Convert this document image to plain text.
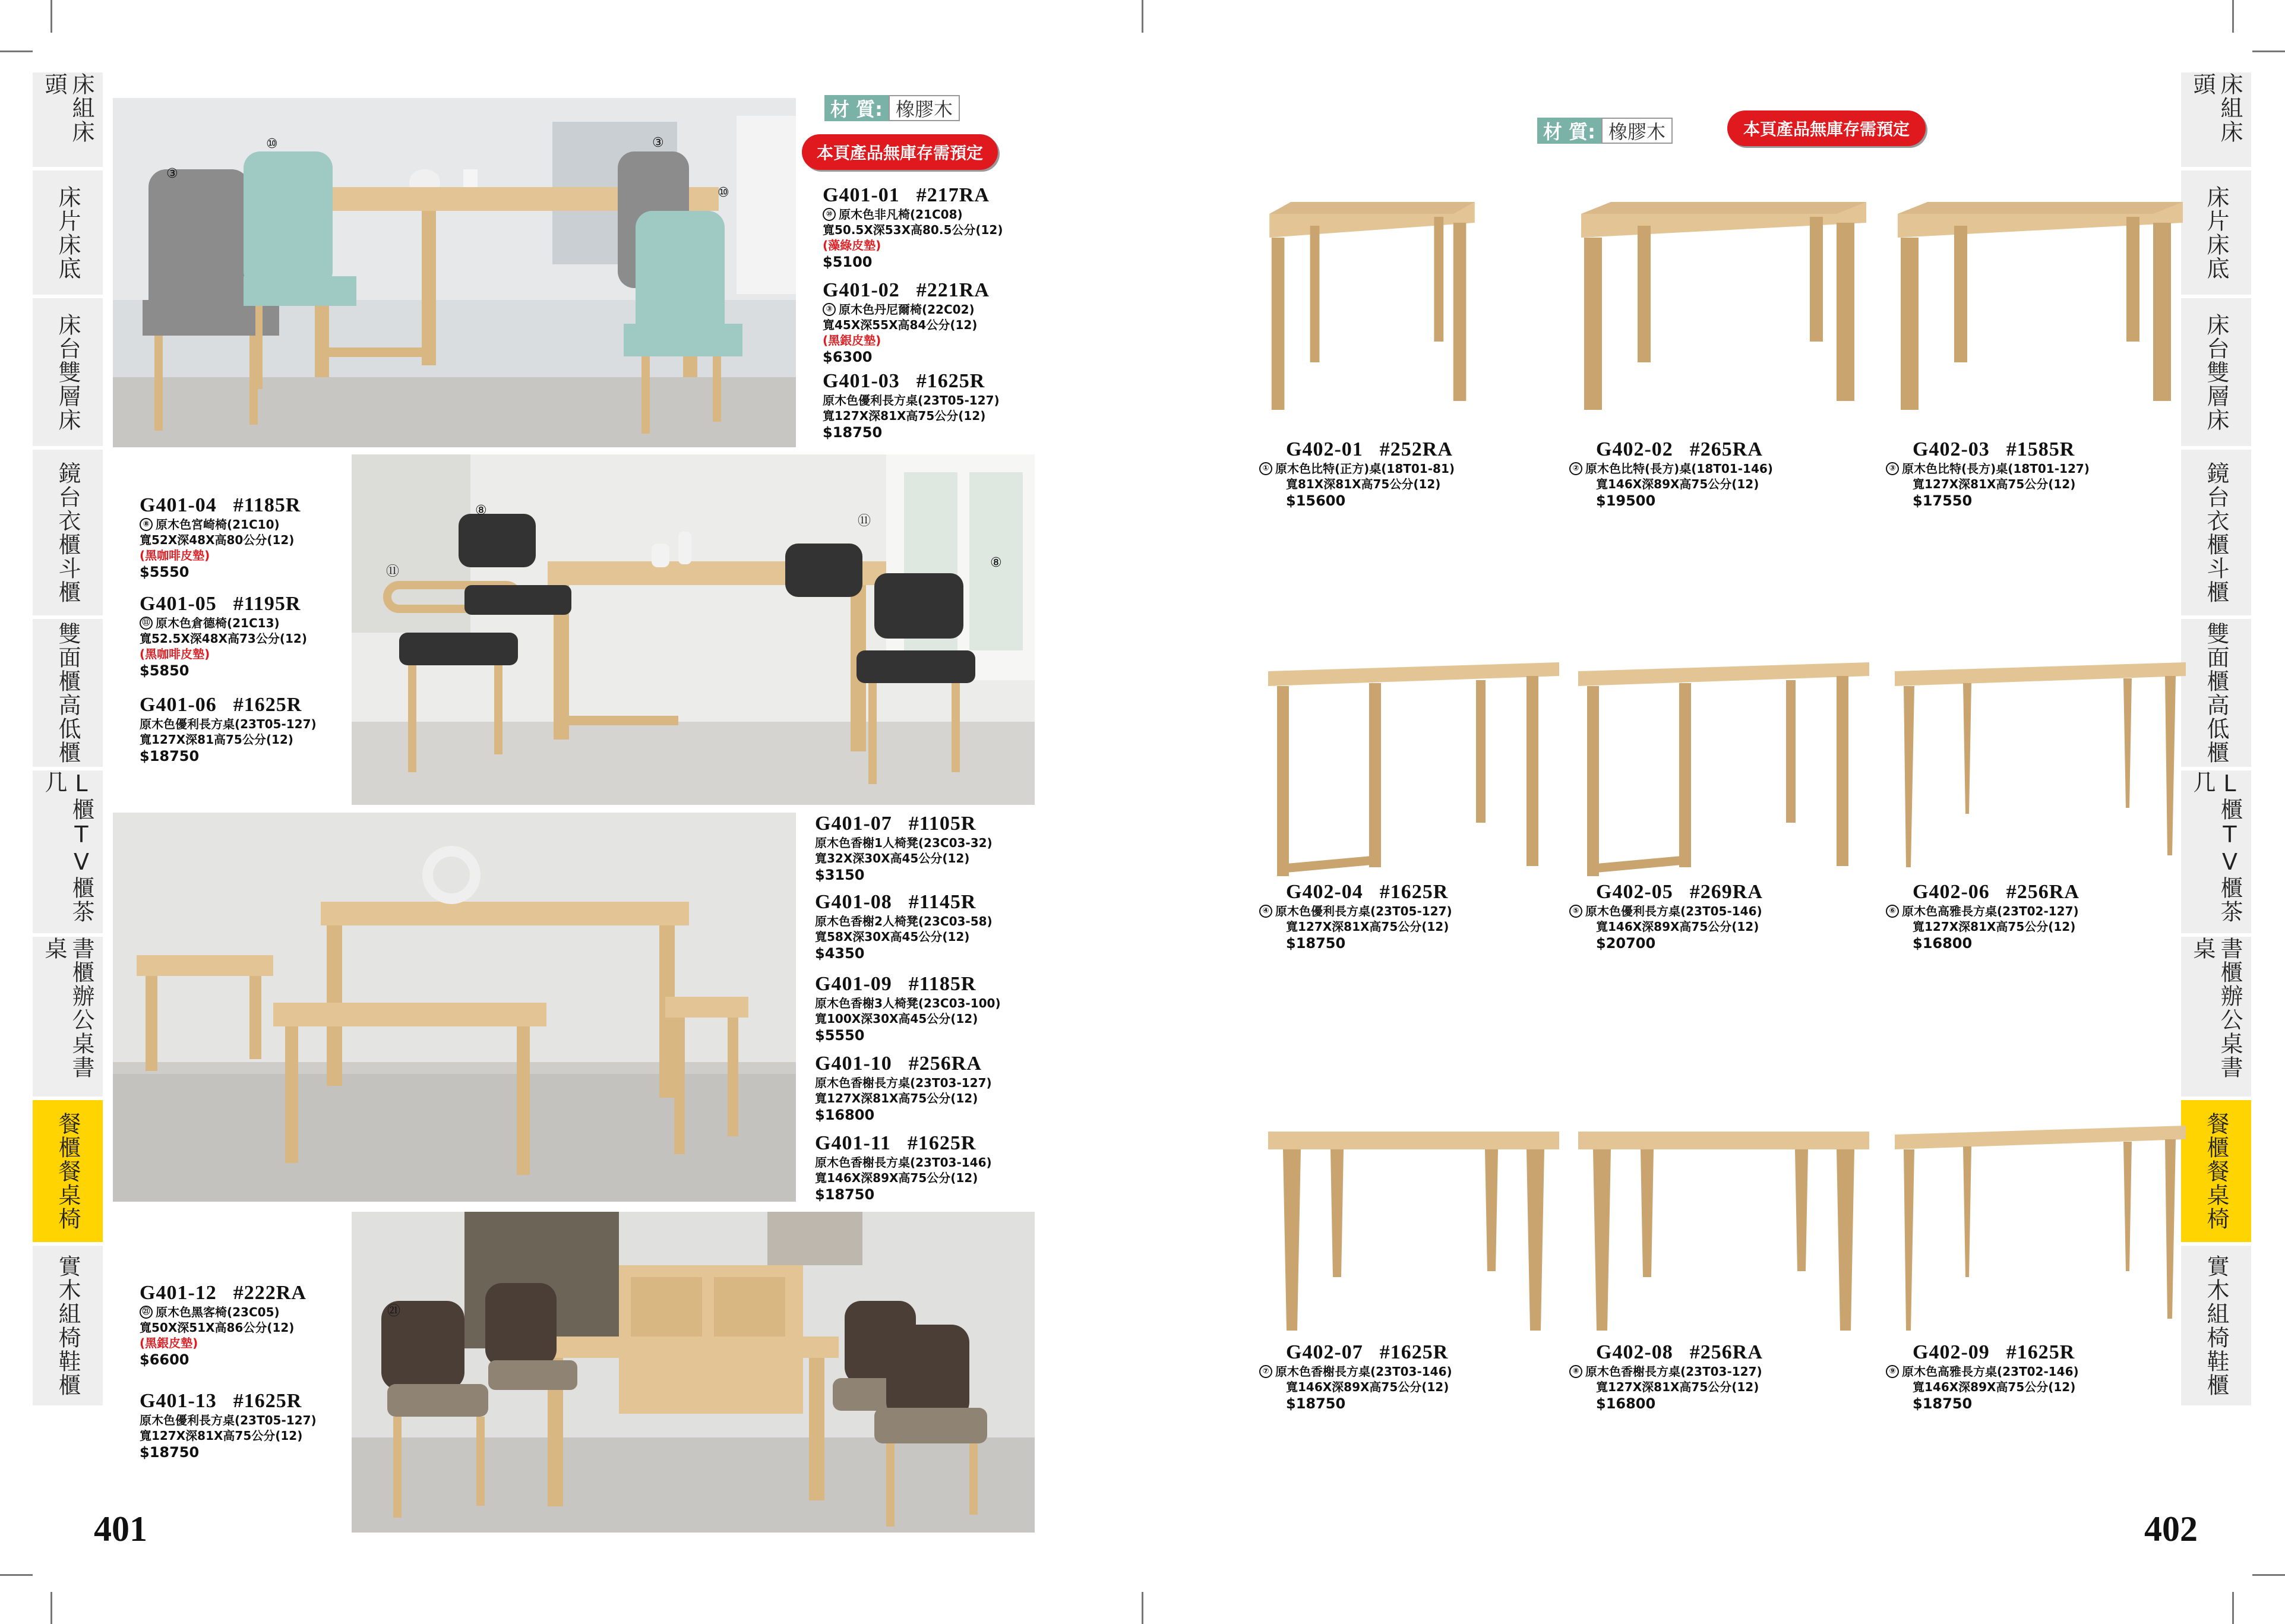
床組床頭
床片床底
床台雙層床
鏡台衣櫃斗櫃
雙面櫃高低櫃
L櫃TV櫃茶几
書櫃辦公桌書桌
餐櫃餐桌椅
實木組椅鞋櫃
床組床頭
床片床底
床台雙層床
鏡台衣櫃斗櫃
雙面櫃高低櫃
L櫃TV櫃茶几
書櫃辦公桌書桌
餐櫃餐桌椅
實木組椅鞋櫃
401	402
材 質: 橡膠木
本頁產品無庫存需預定
⑧
⑪
⑪
⑧
㉑
⑩	③
⑩
③
G401-01 #217RA
⑩ 原木色非凡椅(21C08)
寬50.5X深53X高80.5公分(12)
(藻綠皮墊)
$5100
G401-02 #221RA
③ 原木色丹尼爾椅(22C02)
寬45X深55X高84公分(12)
(黑銀皮墊)
$6300
G401-03 #1625R
原木色優利長方桌(23T05-127)
寬127X深81X高75公分(12)
$18750
G401-04 #1185R
⑧ 原木色宮崎椅(21C10)
寬52X深48X高80公分(12)
(黑咖啡皮墊)
$5550
G401-05 #1195R
⑪ 原木色倉德椅(21C13)
寬52.5X深48X高73公分(12)
(黑咖啡皮墊)
$5850
G401-06 #1625R
原木色優利長方桌(23T05-127)
寬127X深81高75公分(12)
$18750
G401-07 #1105R
原木色香榭1人椅凳(23C03-32)
寬32X深30X高45公分(12)
$3150
G401-08 #1145R
原木色香榭2人椅凳(23C03-58)
寬58X深30X高45公分(12)
$4350
G401-09 #1185R
原木色香榭3人椅凳(23C03-100)
寬100X深30X高45公分(12)
$5550
G401-10 #256RA
原木色香榭長方桌(23T03-127)
寬127X深81X高75公分(12)
$16800
G401-11 #1625R
原木色香榭長方桌(23T03-146)
寬146X深89X高75公分(12)
$18750
G401-12 #222RA
㉑ 原木色黑客椅(23C05)
寬50X深51X高86公分(12)
(黑銀皮墊)
$6600
G401-13 #1625R
原木色優利長方桌(23T05-127)
寬127X深81X高75公分(12)
$18750
材 質: 橡膠木	本頁產品無庫存需預定
G402-01 #252RA
① 原木色比特(正方)桌(18T01-81)
寬81X深81X高75公分(12)
$15600
G402-02 #265RA
② 原木色比特(長方)桌(18T01-146)
寬146X深89X高75公分(12)
$19500
G402-03 #1585R
③ 原木色比特(長方)桌(18T01-127)
寬127X深81X高75公分(12)
$17550
G402-04 #1625R
④ 原木色優利長方桌(23T05-127)
寬127X深81X高75公分(12)
$18750
G402-05 #269RA
⑤ 原木色優利長方桌(23T05-146)
寬146X深89X高75公分(12)
$20700
G402-06 #256RA
⑥ 原木色高雅長方桌(23T02-127)
寬127X深81X高75公分(12)
$16800
G402-07 #1625R
⑦ 原木色香榭長方桌(23T03-146)
寬146X深89X高75公分(12)
$18750
G402-08 #256RA
⑧ 原木色香榭長方桌(23T03-127)
寬127X深81X高75公分(12)
$16800
G402-09 #1625R
⑨ 原木色高雅長方桌(23T02-146)
寬146X深89X高75公分(12)
$18750
